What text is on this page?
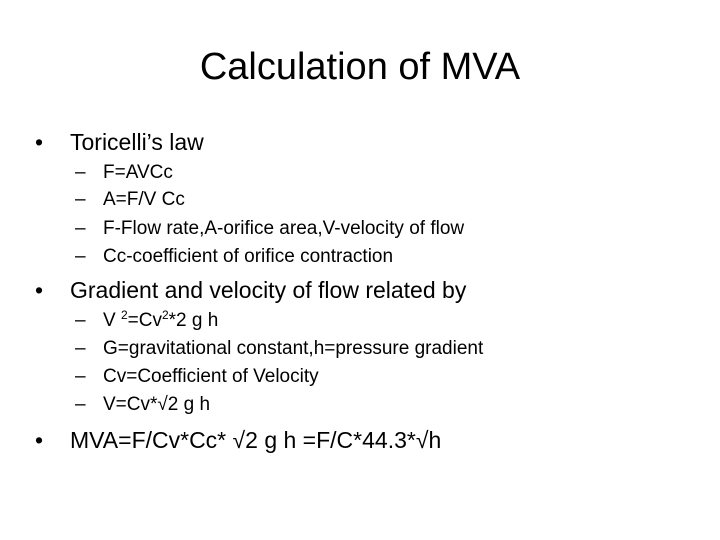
Calculation of MVA
• Toricelli’s law
– F=AVCc
– A=F/V Cc
– F-Flow rate,A-orifice area,V-velocity of flow
– Cc-coefficient of orifice contraction
• Gradient and velocity of flow related by
– V $^2=Cv^2*2$ g h
– G=gravitational constant,h=pressure gradient
– Cv=Coefficient of Velocity
– V=Cv*√2 g h
• MVA=F/Cv*Cc* √2 g h =F/C*44.3*√h
